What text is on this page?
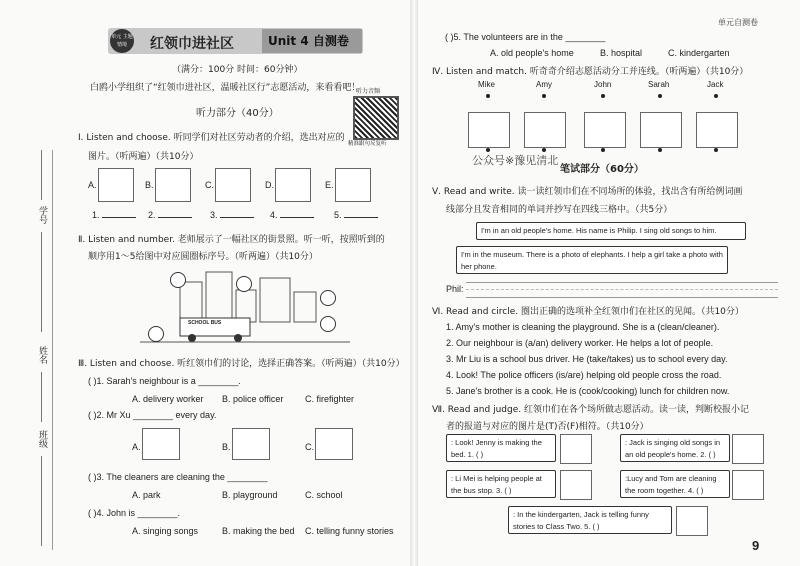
学号
姓名
班级
单元 主题情境	红领巾进社区	Unit 4 自测卷
单元自测卷
（满分：100分 时间：60分钟）
白鸥小学组织了“红领巾进社区，温暖社区行”志愿活动，来看看吧！
听力部分（40分）
听力音频
精准跟句反复听
Ⅰ. Listen and choose. 听同学们对社区劳动者的介绍，选出对应的
图片。（听两遍）（共10分）
A.	B.	C.	D.	E.
1.	2.	3.	4.	5.
Ⅱ. Listen and number. 老师展示了一幅社区的街景照。听一听，按照听到的
顺序用1～5给图中对应圆圈标序号。（听两遍）（共10分）
SCHOOL BUS
Ⅲ. Listen and choose. 听红领巾们的讨论，选择正确答案。（听两遍）（共10分）
( )1. Sarah's neighbour is a ________.
A. delivery worker B. police officer C. firefighter
( )2. Mr Xu ________ every day.
A.	B.	C.
( )3. The cleaners are cleaning the ________
A. park	B. playground	C. school
( )4. John is ________.
A. singing songs	B. making the bed C. telling funny stories
( )5. The volunteers are in the ________
A. old people's home	B. hospital	C. kindergarten
Ⅳ. Listen and match. 听奇奇介绍志愿活动分工并连线。（听两遍）（共10分）
Mike	Amy	John	Sarah	Jack
公众号※豫见清北
笔试部分（60分）
Ⅴ. Read and write. 读一读红领巾们在不同场所的体验，找出含有所给例词画
线部分且发音相同的单词并抄写在四线三格中。（共5分）
I'm in an old people's home. His name is Philip. I sing old songs to him.
I'm in the museum. There is a photo of elephants. I help a girl take a photo with her phone.
Phil:
Ⅵ. Read and circle. 圈出正确的选项补全红领巾们在社区的见闻。（共10分）
1. Amy's mother is cleaning the playground. She is a (clean/cleaner).
2. Our neighbour is (a/an) delivery worker. He helps a lot of people.
3. Mr Liu is a school bus driver. He (take/takes) us to school every day.
4. Look! The police officers (is/are) helping old people cross the road.
5. Jane's brother is a cook. He is (cook/cooking) lunch for children now.
Ⅶ. Read and judge. 红领巾们在各个场所做志愿活动。读一读，判断校报小记
者的报道与对应的图片是(T)否(F)相符。（共10分）
: Look! Jenny is making the bed. 1. ( )
: Jack is singing old songs in an old people's home. 2. ( )
: Li Mei is helping people at the bus stop. 3. ( )
:Lucy and Tom are cleaning the room together. 4. ( )
: In the kindergarten, Jack is telling funny stories to Class Two. 5. ( )
9
